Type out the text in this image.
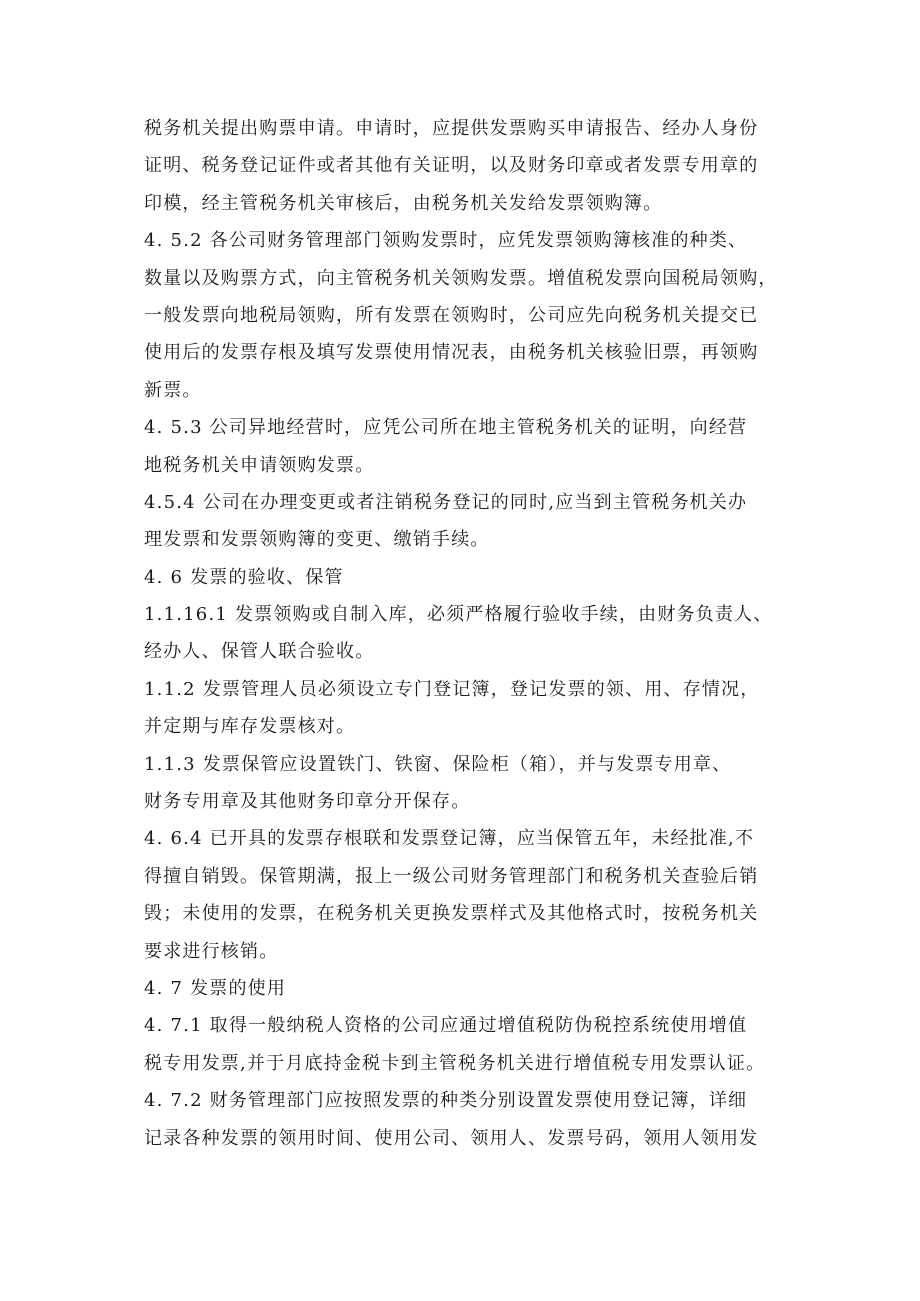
税务机关提出购票申请。申请时，应提供发票购买申请报告、经办人身份
证明、税务登记证件或者其他有关证明，以及财务印章或者发票专用章的
印模，经主管税务机关审核后，由税务机关发给发票领购簿。
4. 5.2 各公司财务管理部门领购发票时，应凭发票领购簿核准的种类、
数量以及购票方式，向主管税务机关领购发票。增值税发票向国税局领购，
一般发票向地税局领购，所有发票在领购时，公司应先向税务机关提交已
使用后的发票存根及填写发票使用情况表，由税务机关核验旧票，再领购
新票。
4. 5.3 公司异地经营时，应凭公司所在地主管税务机关的证明，向经营
地税务机关申请领购发票。
4.5.4 公司在办理变更或者注销税务登记的同时,应当到主管税务机关办
理发票和发票领购簿的变更、缴销手续。
4. 6 发票的验收、保管
1.1.16.1 发票领购或自制入库，必须严格履行验收手续，由财务负责人、
经办人、保管人联合验收。
1.1.2 发票管理人员必须设立专门登记簿，登记发票的领、用、存情况，
并定期与库存发票核对。
1.1.3 发票保管应设置铁门、铁窗、保险柜（箱），并与发票专用章、
财务专用章及其他财务印章分开保存。
4. 6.4 已开具的发票存根联和发票登记簿，应当保管五年，未经批准,不
得擅自销毁。保管期满，报上一级公司财务管理部门和税务机关查验后销
毁；未使用的发票，在税务机关更换发票样式及其他格式时，按税务机关
要求进行核销。
4. 7 发票的使用
4. 7.1 取得一般纳税人资格的公司应通过增值税防伪税控系统使用增值
税专用发票,并于月底持金税卡到主管税务机关进行增值税专用发票认证。
4. 7.2 财务管理部门应按照发票的种类分别设置发票使用登记簿，详细
记录各种发票的领用时间、使用公司、领用人、发票号码，领用人领用发
